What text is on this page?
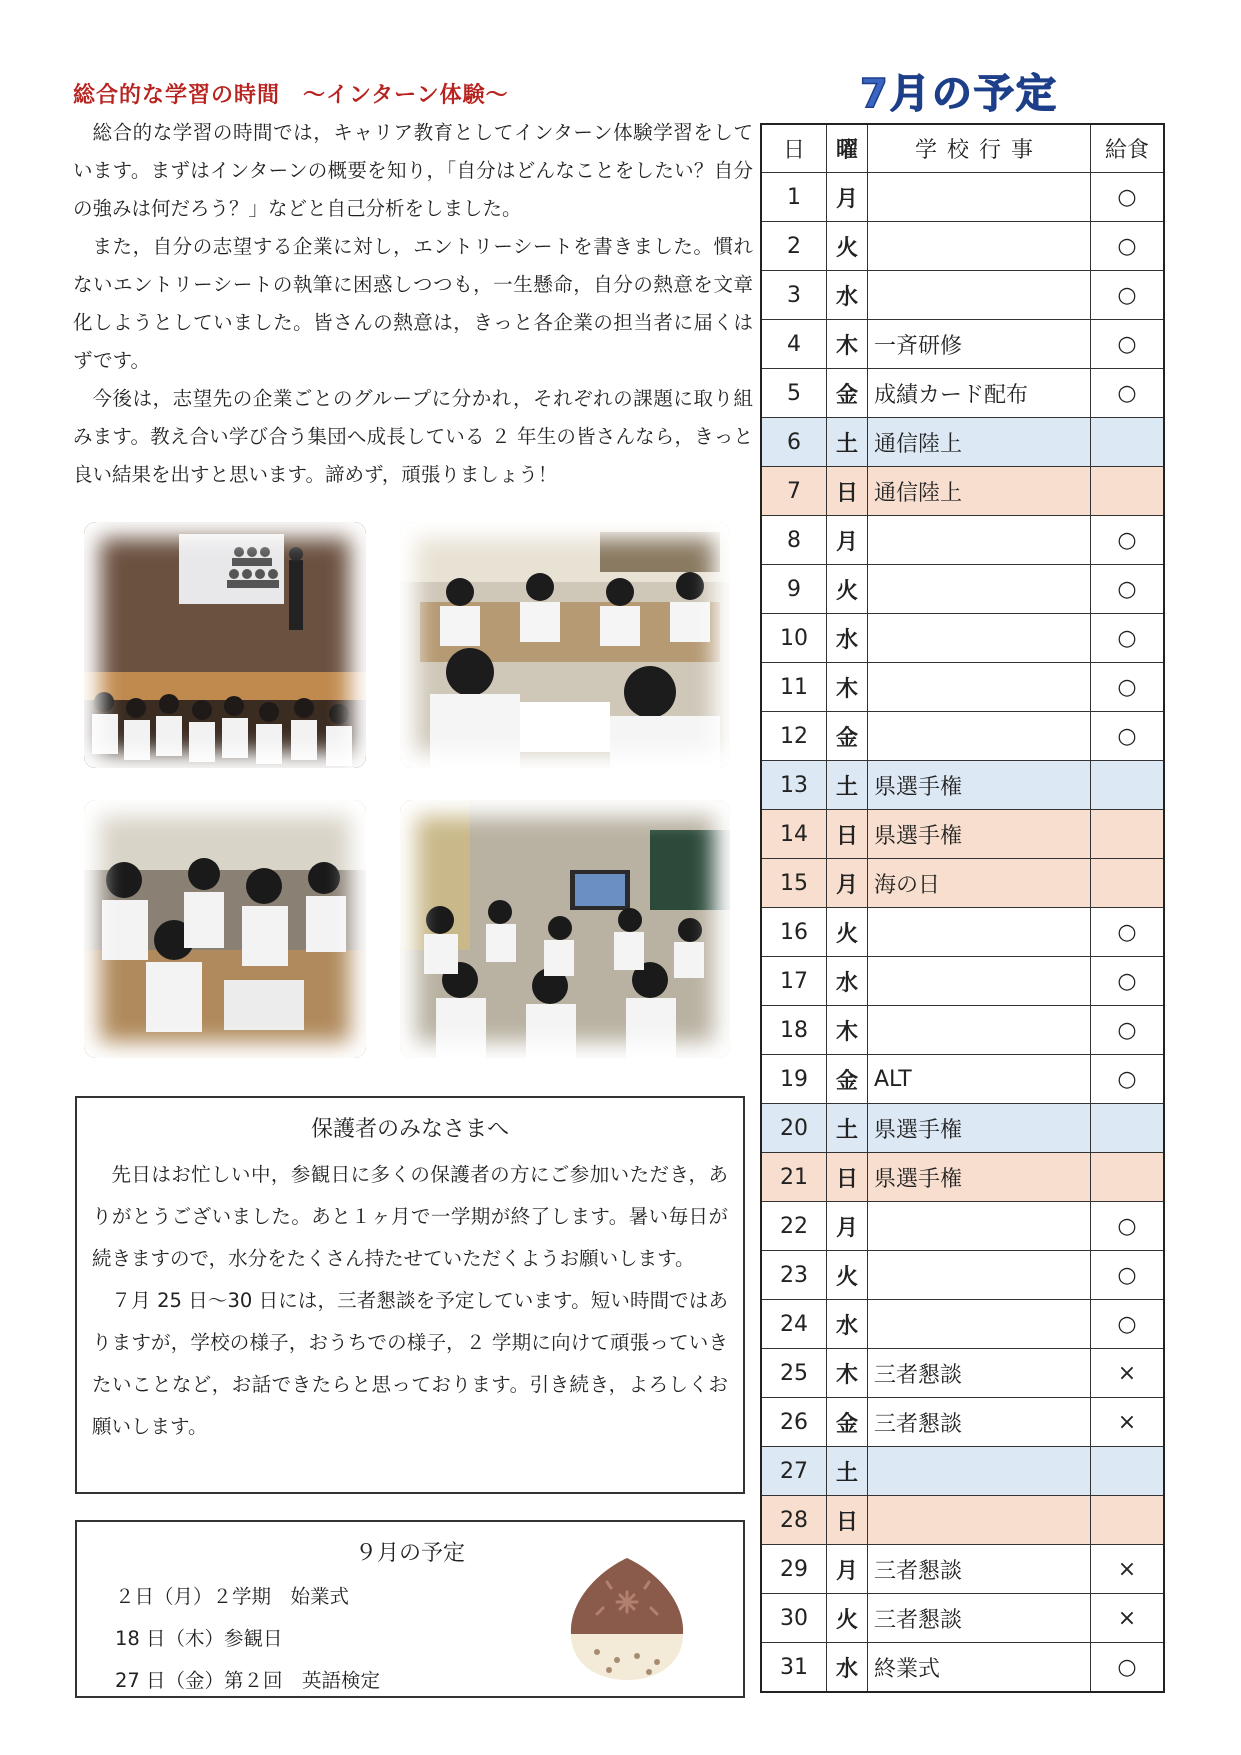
総合的な学習の時間　～インターン体験～

総合的な学習の時間では，キャリア教育としてインターン体験学習をしています。まずはインターンの概要を知り，「自分はどんなことをしたい？自分の強みは何だろう？」などと自己分析をしました。

また，自分の志望する企業に対し，エントリーシートを書きました。慣れないエントリーシートの執筆に困惑しつつも，一生懸命，自分の熱意を文章化しようとしていました。皆さんの熱意は，きっと各企業の担当者に届くはずです。

今後は，志望先の企業ごとのグループに分かれ，それぞれの課題に取り組みます。教え合い学び合う集団へ成長している ２ 年生の皆さんなら，きっと良い結果を出すと思います。諦めず，頑張りましょう！

保護者のみなさまへ

先日はお忙しい中，参観日に多くの保護者の方にご参加いただき，ありがとうございました。あと１ヶ月で一学期が終了します。暑い毎日が続きますので，水分をたくさん持たせていただくようお願いします。

７月 25 日～30 日には，三者懇談を予定しています。短い時間ではありますが，学校の様子，おうちでの様子，２ 学期に向けて頑張っていきたいことなど，お話できたらと思っております。引き続き，よろしくお願いします。

９月の予定
２日（月）２学期　始業式
18 日（木）参観日
27 日（金）第２回　英語検定
7月の予定
日	曜	学校行事	給食
1	月		○
2	火		○
3	水		○
4	木	一斉研修	○
5	金	成績カード配布	○
6	土	通信陸上	
7	日	通信陸上	
8	月		○
9	火		○
10	水		○
11	木		○
12	金		○
13	土	県選手権	
14	日	県選手権	
15	月	海の日	
16	火		○
17	水		○
18	木		○
19	金	ALT	○
20	土	県選手権	
21	日	県選手権	
22	月		○
23	火		○
24	水		○
25	木	三者懇談	×
26	金	三者懇談	×
27	土		
28	日		
29	月	三者懇談	×
30	火	三者懇談	×
31	水	終業式	○
